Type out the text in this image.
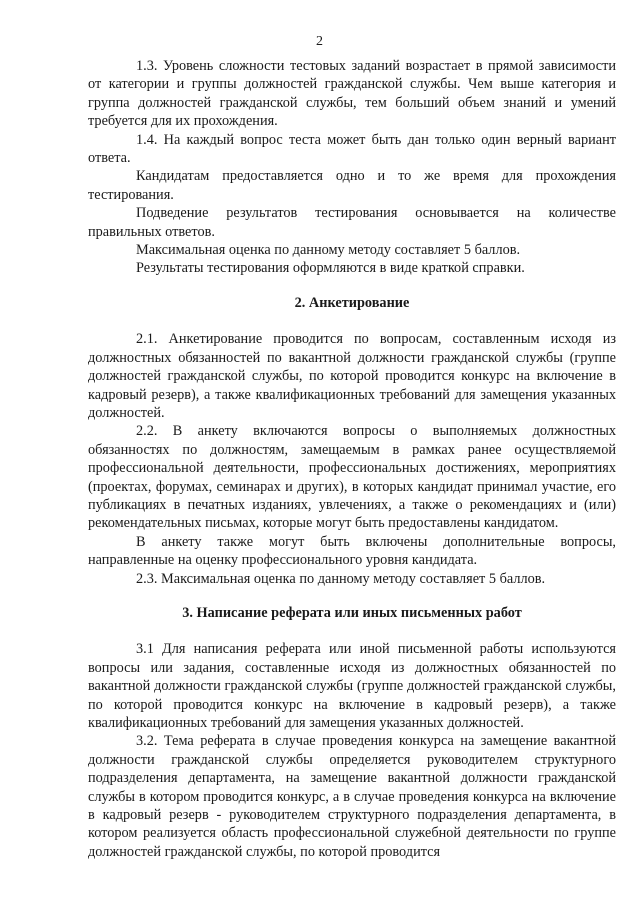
2

1.3. Уровень сложности тестовых заданий возрастает в прямой зависимости от категории и группы должностей гражданской службы. Чем выше категория и группа должностей гражданской службы, тем больший объем знаний и умений требуется для их прохождения.

1.4. На каждый вопрос теста может быть дан только один верный вариант ответа.

Кандидатам предоставляется одно и то же время для прохождения тестирования.

Подведение результатов тестирования основывается на количестве правильных ответов.

Максимальная оценка по данному методу составляет 5 баллов.

Результаты тестирования оформляются в виде краткой справки.

2. Анкетирование

2.1. Анкетирование проводится по вопросам, составленным исходя из должностных обязанностей по вакантной должности гражданской службы (группе должностей гражданской службы, по которой проводится конкурс на включение в кадровый резерв), а также квалификационных требований для замещения указанных должностей.

2.2. В анкету включаются вопросы о выполняемых должностных обязанностях по должностям, замещаемым в рамках ранее осуществляемой профессиональной деятельности, профессиональных достижениях, мероприятиях (проектах, форумах, семинарах и других), в которых кандидат принимал участие, его публикациях в печатных изданиях, увлечениях, а также о рекомендациях и (или) рекомендательных письмах, которые могут быть предоставлены кандидатом.

В анкету также могут быть включены дополнительные вопросы, направленные на оценку профессионального уровня кандидата.

2.3. Максимальная оценка по данному методу составляет 5 баллов.

3. Написание реферата или иных письменных работ

3.1 Для написания реферата или иной письменной работы используются вопросы или задания, составленные исходя из должностных обязанностей по вакантной должности гражданской службы (группе должностей гражданской службы, по которой проводится конкурс на включение в кадровый резерв), а также квалификационных требований для замещения указанных должностей.

3.2. Тема реферата в случае проведения конкурса на замещение вакантной должности гражданской службы определяется руководителем структурного подразделения департамента, на замещение вакантной должности гражданской службы в котором проводится конкурс, а в случае проведения конкурса на включение в кадровый резерв - руководителем структурного подразделения департамента, в котором реализуется область профессиональной служебной деятельности по группе должностей гражданской службы, по которой проводится
